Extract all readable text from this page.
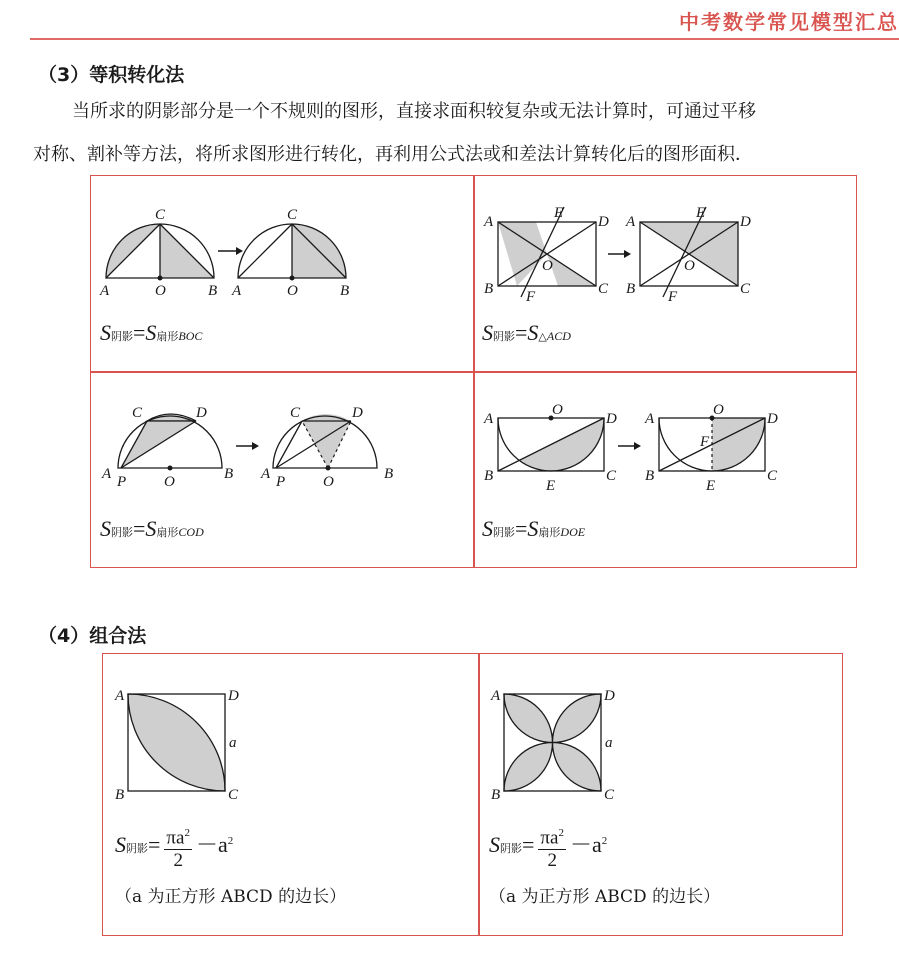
中考数学常见模型汇总
（3）等积转化法
当所求的阴影部分是一个不规则的图形，直接求面积较复杂或无法计算时，可通过平移
对称、割补等方法，将所求图形进行转化，再利用公式法或和差法计算转化后的图形面积．
A	O	B
C
A	O	B
C
S阴影=S扇形BOC
A	D
B	C
E
F
O
A	D
B	C
E
F
O
S阴影=S△ACD
A P	O	B
C	D
A P	O	B
C	D
S阴影=S扇形COD
A	D
B	C
O
E
A	D
B	C
O
F
E
S阴影=S扇形DOE
（4）组合法
A	D
B	C
a
S阴影= $\frac{\pi a^2}{2} -a^2$
（a 为正方形 ABCD 的边长）
A	D
B	C
a
S阴影= $\frac{\pi a^2}{2} -a^2$
（a 为正方形 ABCD 的边长）
